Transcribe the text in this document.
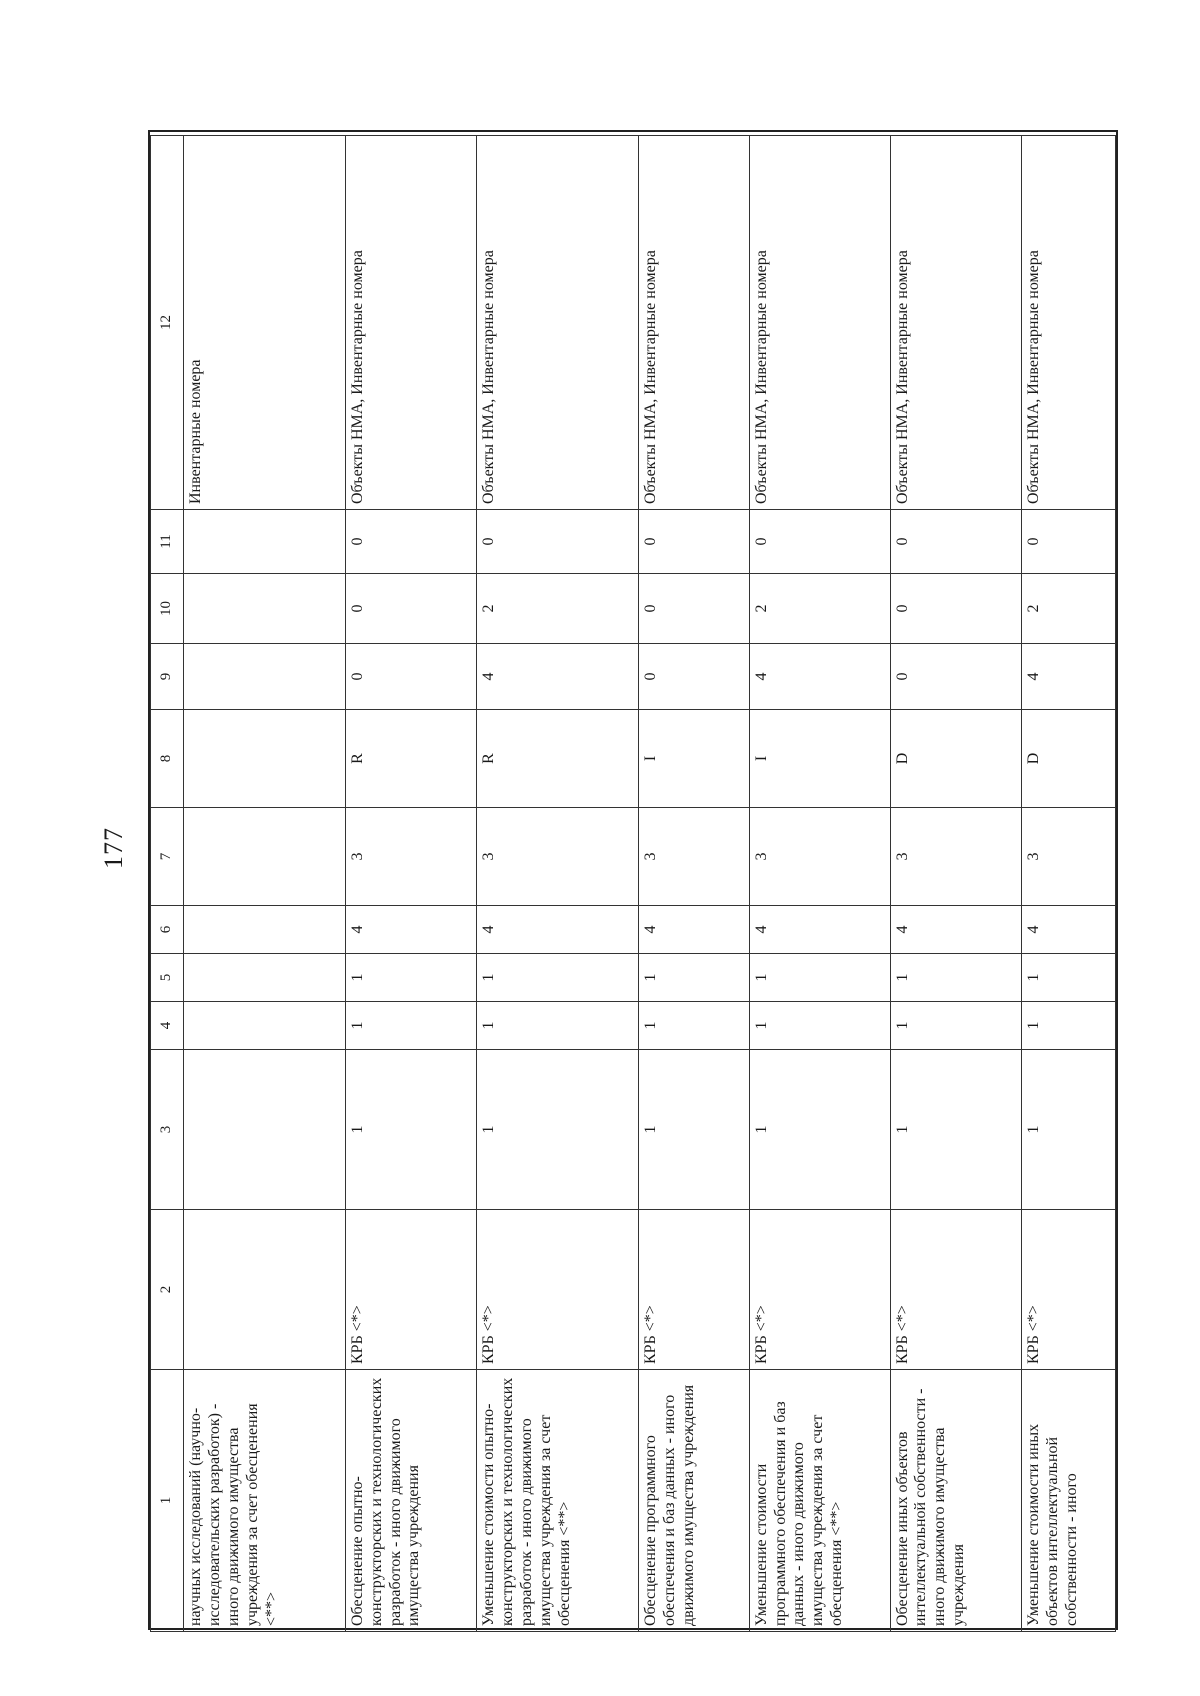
177
1	2	3	4	5	6	7	8	9	10	11	12
научных исследований (научно-исследовательских разработок) - иного движимого имущества учреждения за счет обесценения <**>											Инвентарные номера
Обесценение опытно-конструкторских и технологических разработок - иного движимого имущества учреждения	КРБ <*>	1	1	1	4	3	R	0	0	0	Объекты НМА, Инвентарные номера
Уменьшение стоимости опытно-конструкторских и технологических разработок - иного движимого имущества учреждения за счет обесценения <**>	КРБ <*>	1	1	1	4	3	R	4	2	0	Объекты НМА, Инвентарные номера
Обесценение программного обеспечения и баз данных - иного движимого имущества учреждения	КРБ <*>	1	1	1	4	3	I	0	0	0	Объекты НМА, Инвентарные номера
Уменьшение стоимости программного обеспечения и баз данных - иного движимого имущества учреждения за счет обесценения <**>	КРБ <*>	1	1	1	4	3	I	4	2	0	Объекты НМА, Инвентарные номера
Обесценение иных объектов интеллектуальной собственности - иного движимого имущества учреждения	КРБ <*>	1	1	1	4	3	D	0	0	0	Объекты НМА, Инвентарные номера
Уменьшение стоимости иных объектов интеллектуальной собственности - иного	КРБ <*>	1	1	1	4	3	D	4	2	0	Объекты НМА, Инвентарные номера
